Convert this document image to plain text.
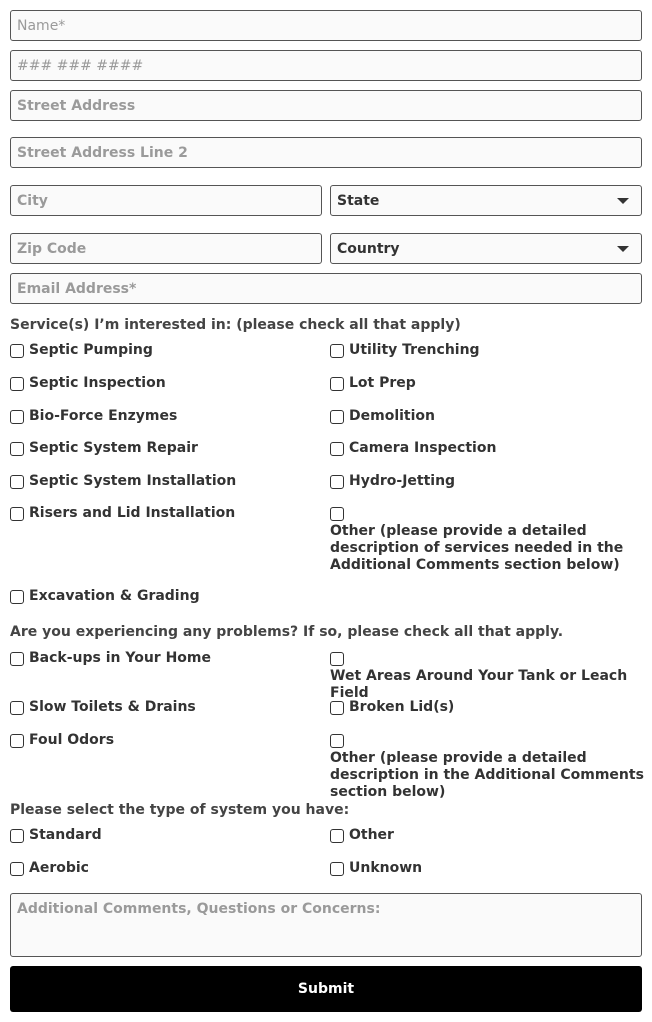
Name*
### ### ####
Street Address
Street Address Line 2
City	State
Zip Code	Country
Email Address*
Service(s) I’m interested in: (please check all that apply)
Septic Pumping
Septic Inspection
Bio-Force Enzymes
Septic System Repair
Septic System Installation
Risers and Lid Installation
Excavation & Grading
Utility Trenching
Lot Prep
Demolition
Camera Inspection
Hydro-Jetting
Other (please provide a detailed description of services needed in the Additional Comments section below)
Are you experiencing any problems? If so, please check all that apply.
Back-ups in Your Home
Slow Toilets & Drains
Foul Odors
Wet Areas Around Your Tank or Leach Field
Broken Lid(s)
Other (please provide a detailed description in the Additional Comments section below)
Please select the type of system you have:
Standard
Aerobic
Other
Unknown
Additional Comments, Questions or Concerns:
Submit
